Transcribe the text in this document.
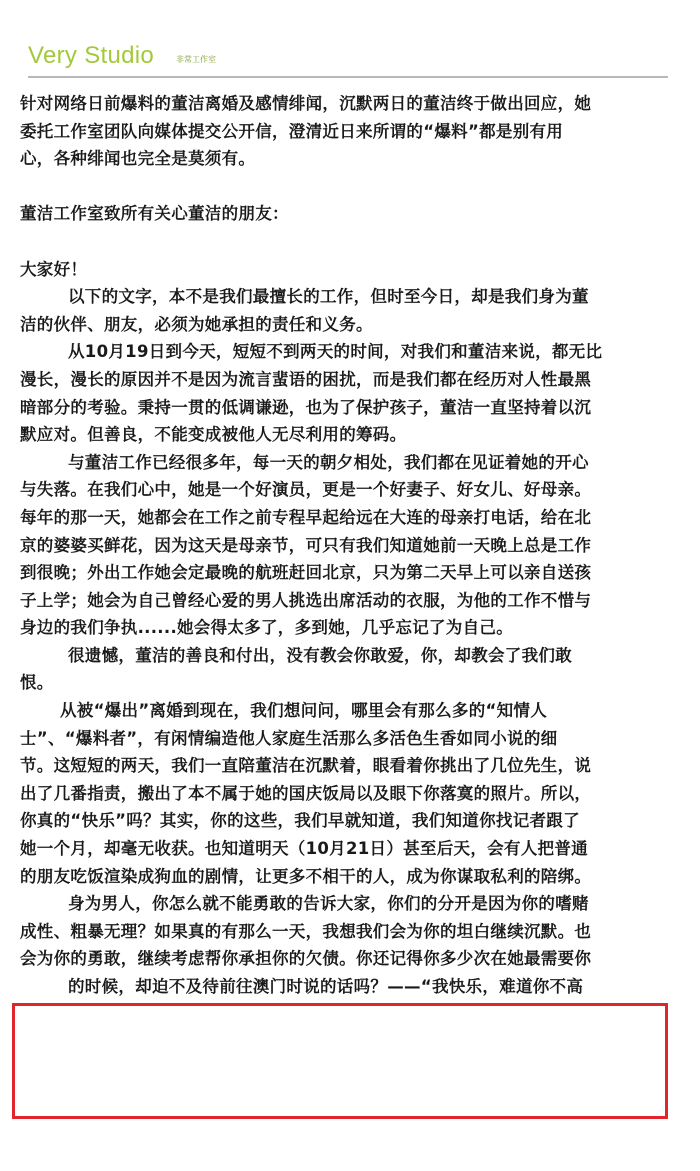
Very Studio	非常工作室
针对网络日前爆料的董洁离婚及感情绯闻，沉默两日的董洁终于做出回应，她
委托工作室团队向媒体提交公开信，澄清近日来所谓的“爆料”都是别有用
心，各种绯闻也完全是莫须有。
董洁工作室致所有关心董洁的朋友：
大家好！
以下的文字，本不是我们最擅长的工作，但时至今日，却是我们身为董
洁的伙伴、朋友，必须为她承担的责任和义务。
从10月19日到今天，短短不到两天的时间，对我们和董洁来说，都无比
漫长，漫长的原因并不是因为流言蜚语的困扰，而是我们都在经历对人性最黑
暗部分的考验。秉持一贯的低调谦逊，也为了保护孩子，董洁一直坚持着以沉
默应对。但善良，不能变成被他人无尽利用的筹码。
与董洁工作已经很多年，每一天的朝夕相处，我们都在见证着她的开心
与失落。在我们心中，她是一个好演员，更是一个好妻子、好女儿、好母亲。
每年的那一天，她都会在工作之前专程早起给远在大连的母亲打电话，给在北
京的婆婆买鲜花，因为这天是母亲节，可只有我们知道她前一天晚上总是工作
到很晚；外出工作她会定最晚的航班赶回北京，只为第二天早上可以亲自送孩
子上学；她会为自己曾经心爱的男人挑选出席活动的衣服，为他的工作不惜与
身边的我们争执......她会得太多了，多到她，几乎忘记了为自己。
很遗憾，董洁的善良和付出，没有教会你敢爱，你，却教会了我们敢
恨。
从被“爆出”离婚到现在，我们想问问，哪里会有那么多的“知情人
士”、“爆料者”，有闲情编造他人家庭生活那么多活色生香如同小说的细
节。这短短的两天，我们一直陪董洁在沉默着，眼看着你挑出了几位先生，说
出了几番指责，搬出了本不属于她的国庆饭局以及眼下你落寞的照片。所以，
你真的“快乐”吗？其实，你的这些，我们早就知道，我们知道你找记者跟了
她一个月，却毫无收获。也知道明天（10月21日）甚至后天，会有人把普通
的朋友吃饭渲染成狗血的剧情，让更多不相干的人，成为你谋取私利的陪绑。
身为男人，你怎么就不能勇敢的告诉大家，你们的分开是因为你的嗜赌
成性、粗暴无理？如果真的有那么一天，我想我们会为你的坦白继续沉默。也
会为你的勇敢，继续考虑帮你承担你的欠债。你还记得你多少次在她最需要你
的时候，却迫不及待前往澳门时说的话吗？——“我快乐，难道你不高
